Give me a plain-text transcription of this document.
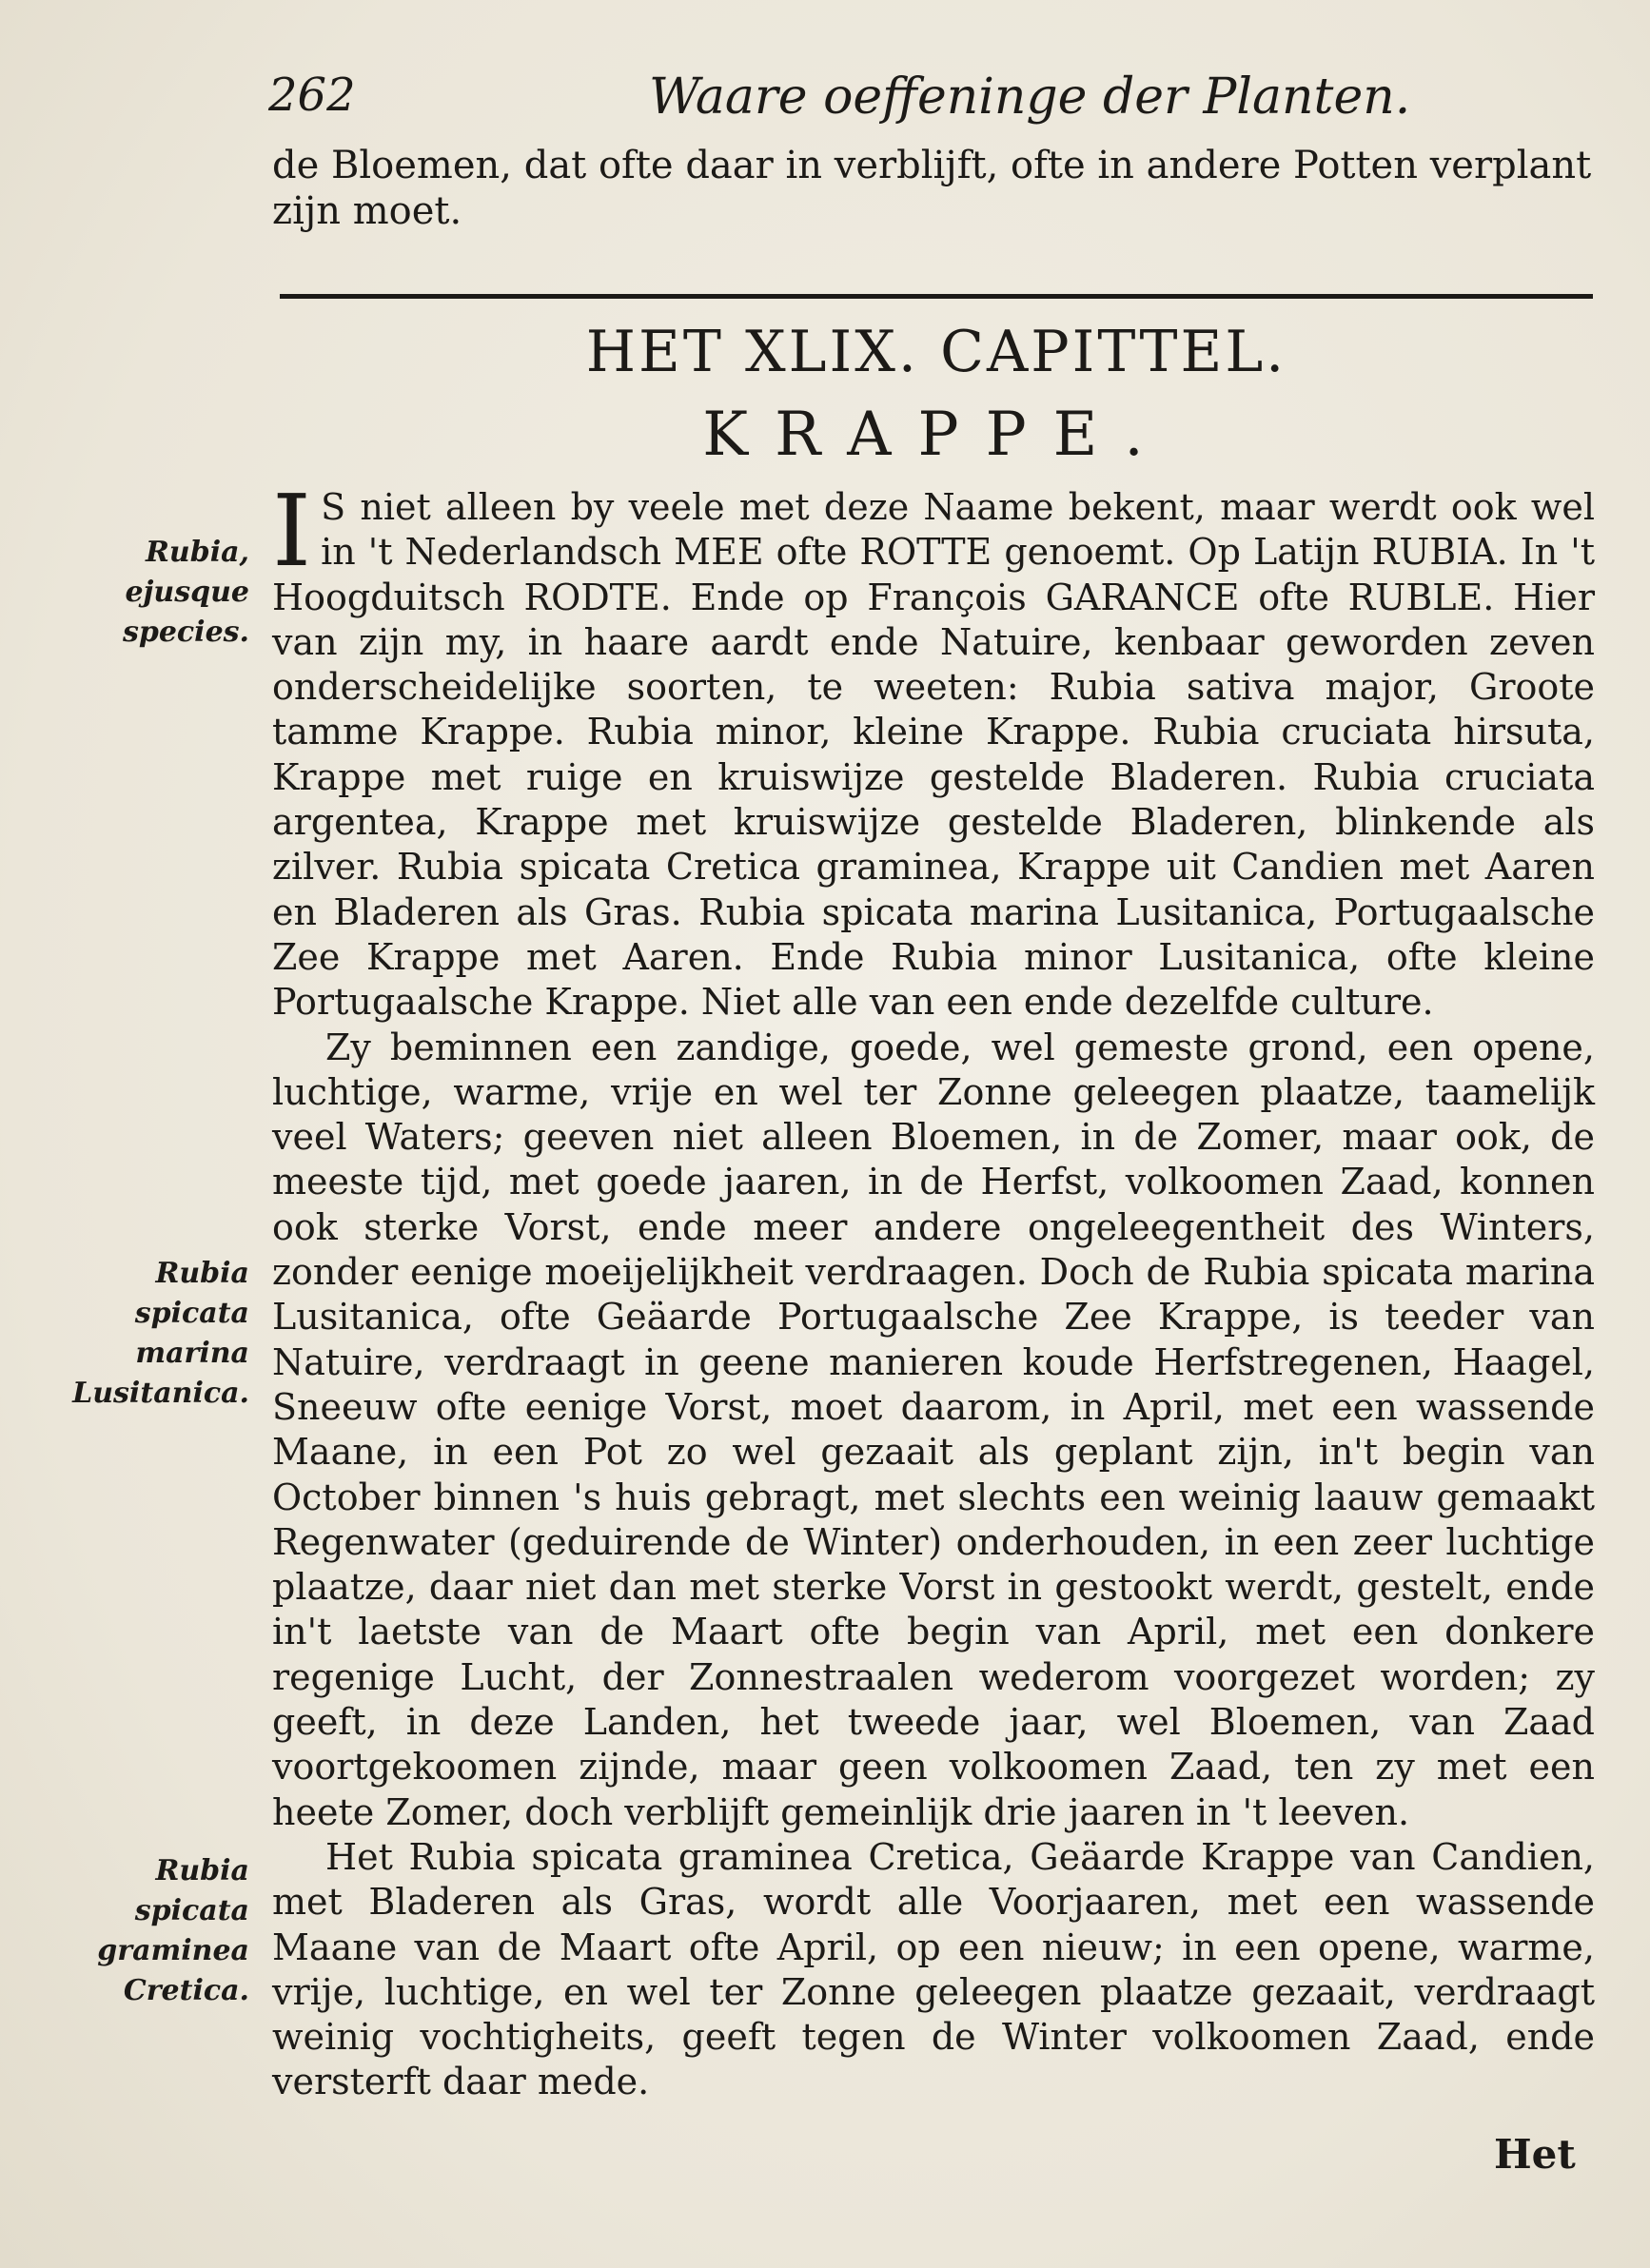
262	Waare oeffeninge der Planten.
de Bloemen, dat ofte daar in verblijft, ofte in andere Potten verplant zijn moet.
HET XLIX. CAPITTEL.
KRAPPE.

I S niet alleen by veele met deze Naame bekent, maar werdt ook wel in 't Nederlandsch MEE ofte ROTTE genoemt. Op Latijn RUBIA. In 't Hoogduitsch RODTE. Ende op François GARANCE ofte RUBLE. Hier van zijn my, in haare aardt ende Natuire, kenbaar geworden zeven onderscheidelijke soorten, te weeten: Rubia sativa major, Groote tamme Krappe. Rubia minor, kleine Krappe. Rubia cruciata hirsuta, Krappe met ruige en kruiswijze gestelde Bladeren. Rubia cruciata argentea, Krappe met kruiswijze gestelde Bladeren, blinkende als zilver. Rubia spicata Cretica graminea, Krappe uit Candien met Aaren en Bladeren als Gras. Rubia spicata marina Lusitanica, Portugaalsche Zee Krappe met Aaren. Ende Rubia minor Lusitanica, ofte kleine Portugaalsche Krappe. Niet alle van een ende dezelfde culture.

Zy beminnen een zandige, goede, wel gemeste grond, een opene, luchtige, warme, vrije en wel ter Zonne geleegen plaatze, taamelijk veel Waters; geeven niet alleen Bloemen, in de Zomer, maar ook, de meeste tijd, met goede jaaren, in de Herfst, volkoomen Zaad, konnen ook sterke Vorst, ende meer andere ongeleegentheit des Winters, zonder eenige moeijelijkheit verdraagen. Doch de Rubia spicata marina Lusitanica, ofte Geäarde Portugaalsche Zee Krappe, is teeder van Natuire, verdraagt in geene manieren koude Herfstregenen, Haagel, Sneeuw ofte eenige Vorst, moet daarom, in April, met een wassende Maane, in een Pot zo wel gezaait als geplant zijn, in't begin van October binnen 's huis gebragt, met slechts een weinig laauw gemaakt Regenwater (geduirende de Winter) onderhouden, in een zeer luchtige plaatze, daar niet dan met sterke Vorst in gestookt werdt, gestelt, ende in't laetste van de Maart ofte begin van April, met een donkere regenige Lucht, der Zonnestraalen wederom voorgezet worden; zy geeft, in deze Landen, het tweede jaar, wel Bloemen, van Zaad voortgekoomen zijnde, maar geen volkoomen Zaad, ten zy met een heete Zomer, doch verblijft gemeinlijk drie jaaren in 't leeven.

Het Rubia spicata graminea Cretica, Geäarde Krappe van Candien, met Bladeren als Gras, wordt alle Voorjaaren, met een wassende Maane van de Maart ofte April, op een nieuw; in een opene, warme, vrije, luchtige, en wel ter Zonne geleegen plaatze gezaait, verdraagt weinig vochtigheits, geeft tegen de Winter volkoomen Zaad, ende versterft daar mede.

Rubia, ejusque species.
Rubia spicata marina Lusitanica.
Rubia spicata graminea Cretica.
Het
